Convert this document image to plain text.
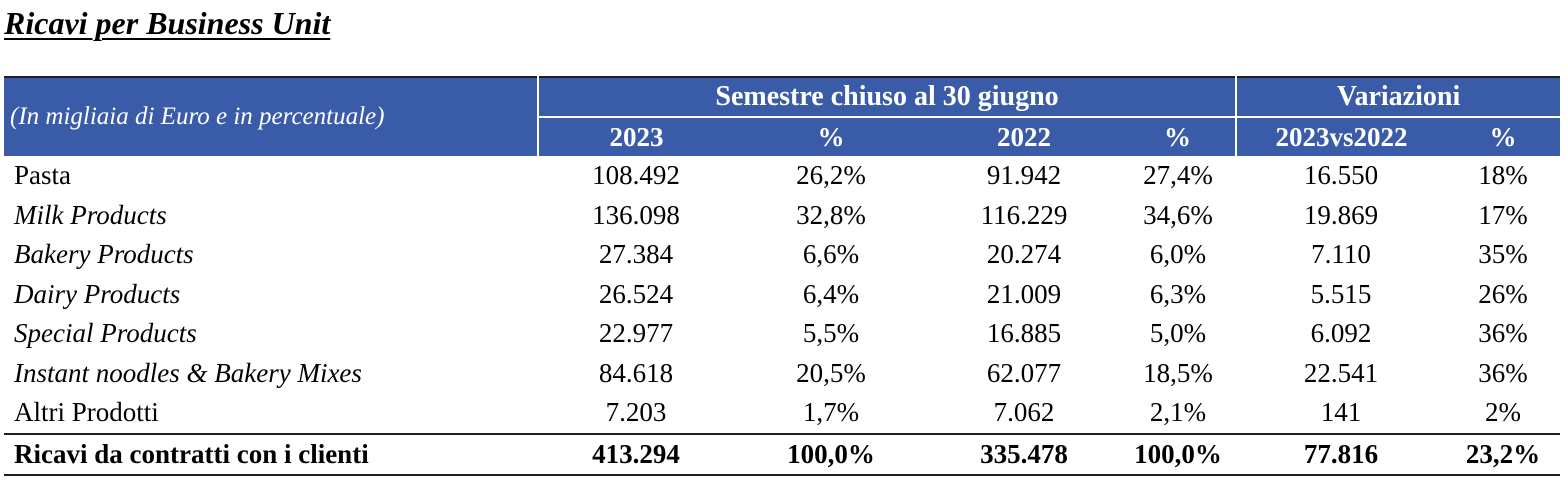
Ricavi per Business Unit
(In migliaia di Euro e in percentuale)	Semestre chiuso al 30 giugno				Variazioni	
	2023	%	2022	%	2023vs2022	%
Pasta	108.492	26,2%	91.942	27,4%	16.550	18%
Milk Products	136.098	32,8%	116.229	34,6%	19.869	17%
Bakery Products	27.384	6,6%	20.274	6,0%	7.110	35%
Dairy Products	26.524	6,4%	21.009	6,3%	5.515	26%
Special Products	22.977	5,5%	16.885	5,0%	6.092	36%
Instant noodles & Bakery Mixes	84.618	20,5%	62.077	18,5%	22.541	36%
Altri Prodotti	7.203	1,7%	7.062	2,1%	141	2%
Ricavi da contratti con i clienti	413.294	100,0%	335.478	100,0%	77.816	23,2%
